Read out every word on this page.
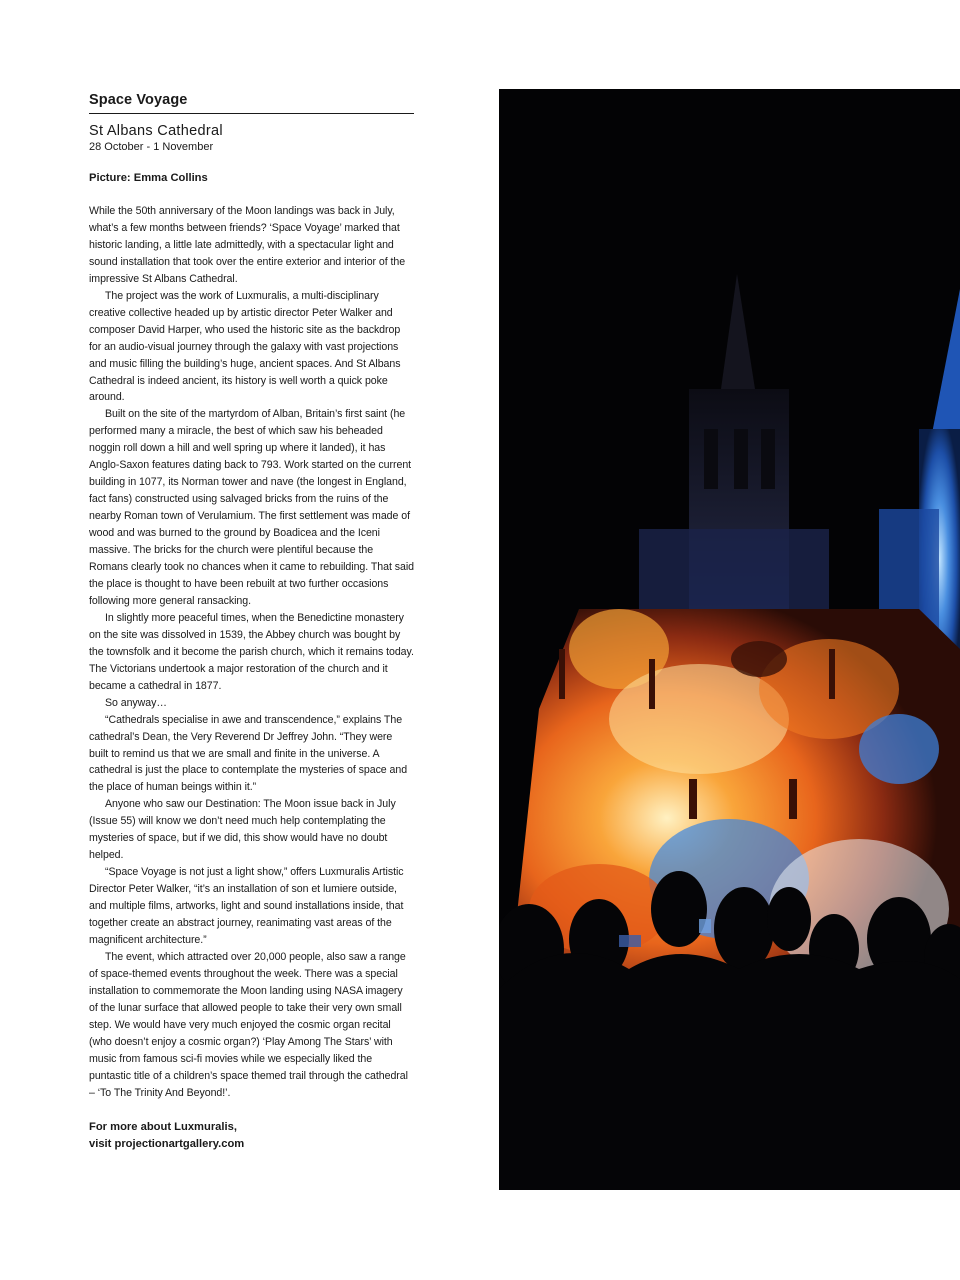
Space Voyage
St Albans Cathedral
28 October - 1 November
Picture: Emma Collins

While the 50th anniversary of the Moon landings was back in July, what’s a few months between friends? ‘Space Voyage’ marked that historic landing, a little late admittedly, with a spectacular light and sound installation that took over the entire exterior and interior of the impressive St Albans Cathedral.

The project was the work of Luxmuralis, a multi-disciplinary creative collective headed up by artistic director Peter Walker and composer David Harper, who used the historic site as the backdrop for an audio-visual journey through the galaxy with vast projections and music filling the building’s huge, ancient spaces. And St Albans Cathedral is indeed ancient, its history is well worth a quick poke around.

Built on the site of the martyrdom of Alban, Britain’s first saint (he performed many a miracle, the best of which saw his beheaded noggin roll down a hill and well spring up where it landed), it has Anglo-Saxon features dating back to 793. Work started on the current building in 1077, its Norman tower and nave (the longest in England, fact fans) constructed using salvaged bricks from the ruins of the nearby Roman town of Verulamium. The first settlement was made of wood and was burned to the ground by Boadicea and the Iceni massive. The bricks for the church were plentiful because the Romans clearly took no chances when it came to rebuilding. That said the place is thought to have been rebuilt at two further occasions following more general ransacking.

In slightly more peaceful times, when the Benedictine monastery on the site was dissolved in 1539, the Abbey church was bought by the townsfolk and it become the parish church, which it remains today. The Victorians undertook a major restoration of the church and it became a cathedral in 1877.

So anyway…

“Cathedrals specialise in awe and transcendence,” explains The cathedral’s Dean, the Very Reverend Dr Jeffrey John. “They were built to remind us that we are small and finite in the universe. A cathedral is just the place to contemplate the mysteries of space and the place of human beings within it.”

Anyone who saw our Destination: The Moon issue back in July (Issue 55) will know we don’t need much help contemplating the mysteries of space, but if we did, this show would have no doubt helped.

“Space Voyage is not just a light show,” offers Luxmuralis Artistic Director Peter Walker, “it’s an installation of son et lumiere outside, and multiple films, artworks, light and sound installations inside, that together create an abstract journey, reanimating vast areas of the magnificent architecture.”

The event, which attracted over 20,000 people, also saw a range of space-themed events throughout the week. There was a special installation to commemorate the Moon landing using NASA imagery of the lunar surface that allowed people to take their very own small step. We would have very much enjoyed the cosmic organ recital (who doesn’t enjoy a cosmic organ?) ‘Play Among The Stars’ with music from famous sci-fi movies while we especially liked the puntastic title of a children’s space themed trail through the cathedral – ‘To The Trinity And Beyond!’.

For more about Luxmuralis,
visit projectionartgallery.com
